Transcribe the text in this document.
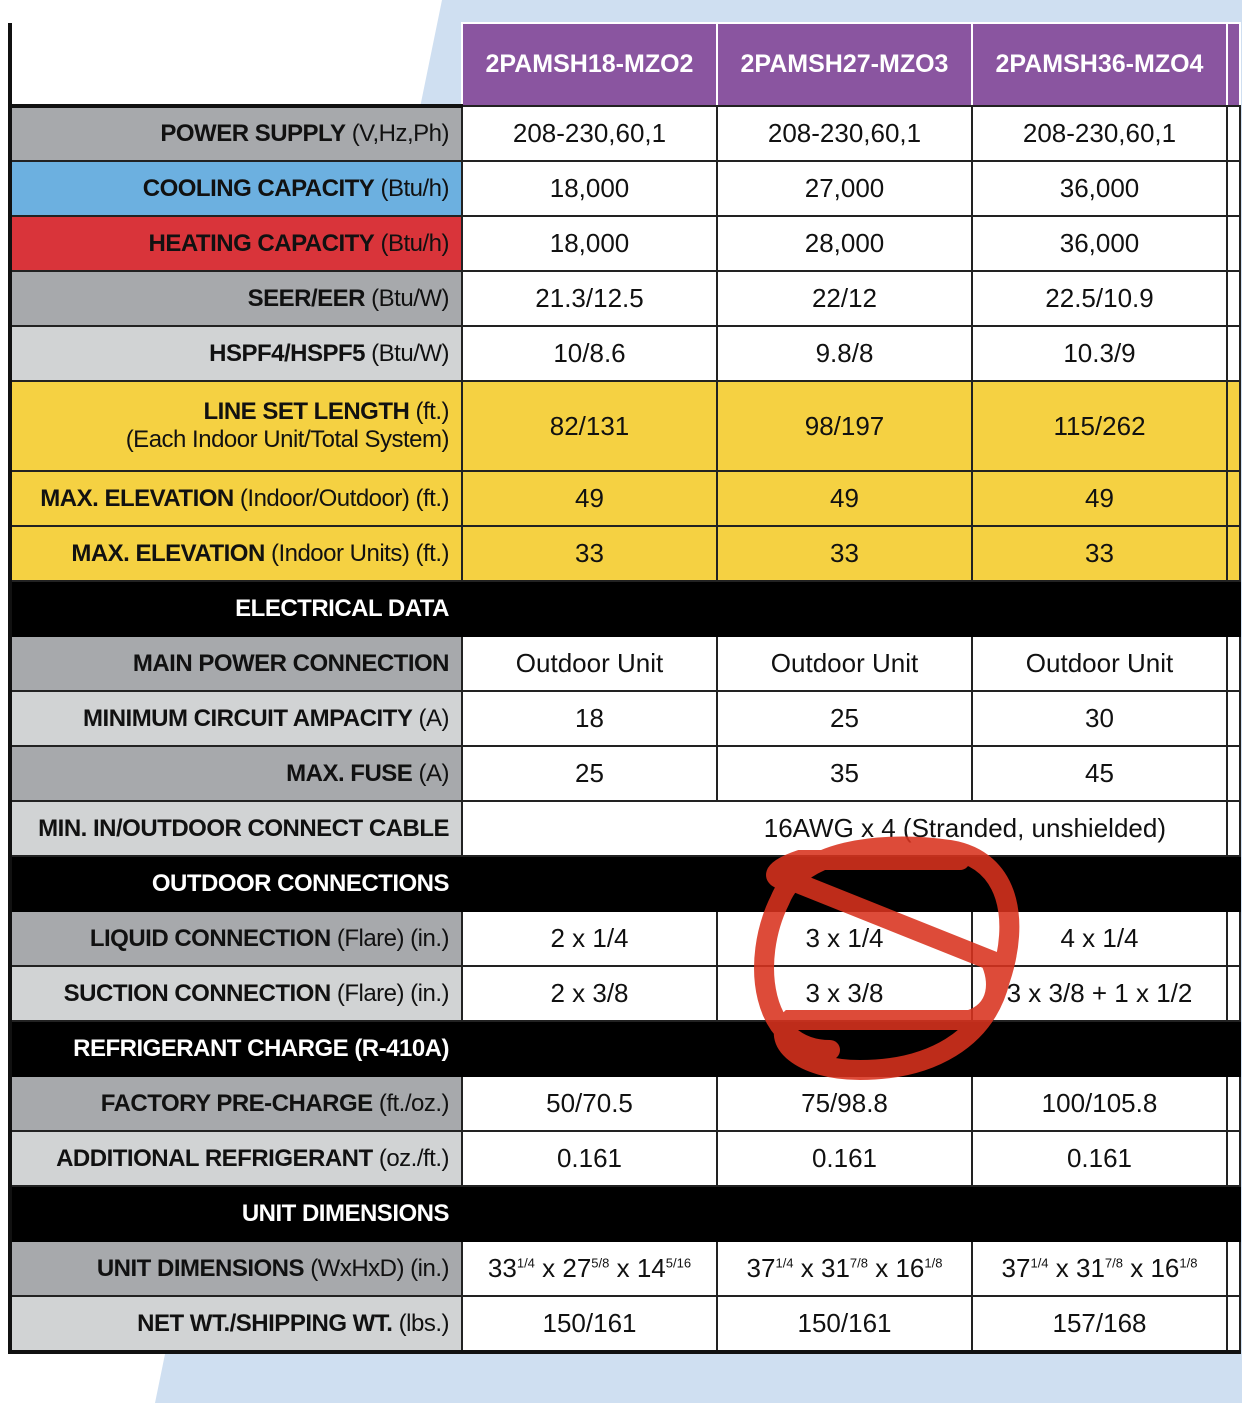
	2PAMSH18-MZO2	2PAMSH27-MZO3	2PAMSH36-MZO4	
POWER SUPPLY (V,Hz,Ph)	208-230,60,1	208-230,60,1	208-230,60,1	
COOLING CAPACITY (Btu/h)	18,000	27,000	36,000	
HEATING CAPACITY (Btu/h)	18,000	28,000	36,000	
SEER/EER (Btu/W)	21.3/12.5	22/12	22.5/10.9	
HSPF4/HSPF5 (Btu/W)	10/8.6	9.8/8	10.3/9	
LINE SET LENGTH (ft.)
(Each Indoor Unit/Total System)	82/131	98/197	115/262	
MAX. ELEVATION (Indoor/Outdoor) (ft.)	49	49	49	
MAX. ELEVATION (Indoor Units) (ft.)	33	33	33	
ELECTRICAL DATA				
MAIN POWER CONNECTION	Outdoor Unit	Outdoor Unit	Outdoor Unit	
MINIMUM CIRCUIT AMPACITY (A)	18	25	30	
MAX. FUSE (A)	25	35	45	
MIN. IN/OUTDOOR CONNECT CABLE	16AWG x 4 (Stranded, unshielded)			
OUTDOOR CONNECTIONS				
LIQUID CONNECTION (Flare) (in.)	2 x 1/4	3 x 1/4	4 x 1/4	
SUCTION CONNECTION (Flare) (in.)	2 x 3/8	3 x 3/8	3 x 3/8 + 1 x 1/2	
REFRIGERANT CHARGE (R-410A)				
FACTORY PRE-CHARGE (ft./oz.)	50/70.5	75/98.8	100/105.8	
ADDITIONAL REFRIGERANT (oz./ft.)	0.161	0.161	0.161	
UNIT DIMENSIONS				
UNIT DIMENSIONS (WxHxD) (in.)	$33^{1/4}$ x $27^{5/8}$ x $14^{5/16}$	$37^{1/4}$ x $31^{7/8}$ x $16^{1/8}$	$37^{1/4}$ x $31^{7/8}$ x $16^{1/8}$	
NET WT./SHIPPING WT. (lbs.)	150/161	150/161	157/168	
